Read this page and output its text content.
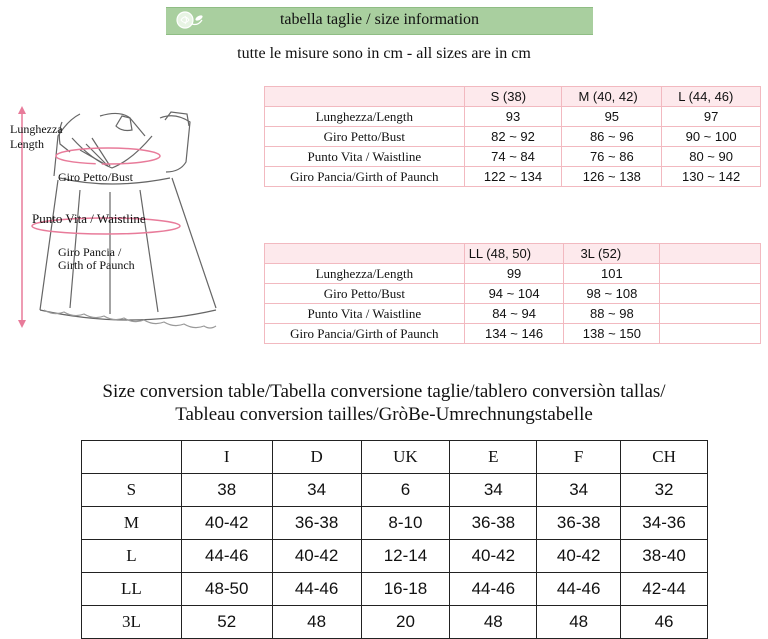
tabella taglie / size information
tutte le misure sono in cm - all sizes are in cm
Lunghezza
Length
Giro Petto/Bust
Punto Vita / Waistline
Giro Pancia /
Girth of Paunch
	S (38)	M (40, 42)	L (44, 46)
Lunghezza/Length	93	95	97
Giro Petto/Bust	82 ~ 92	86 ~ 96	90 ~ 100
Punto Vita / Waistline	74 ~ 84	76 ~ 86	80 ~ 90
Giro Pancia/Girth of Paunch	122 ~ 134	126 ~ 138	130 ~ 142
	LL (48, 50)	3L (52)	
Lunghezza/Length	99	101	
Giro Petto/Bust	94 ~ 104	98 ~ 108	
Punto Vita / Waistline	84 ~ 94	88 ~ 98	
Giro Pancia/Girth of Paunch	134 ~ 146	138 ~ 150	
Size conversion table/Tabella conversione taglie/tablero conversiòn tallas/
Tableau conversion tailles/GròBe-Umrechnungstabelle
	I	D	UK	E	F	CH
S	38	34	6	34	34	32
M	40-42	36-38	8-10	36-38	36-38	34-36
L	44-46	40-42	12-14	40-42	40-42	38-40
LL	48-50	44-46	16-18	44-46	44-46	42-44
3L	52	48	20	48	48	46
